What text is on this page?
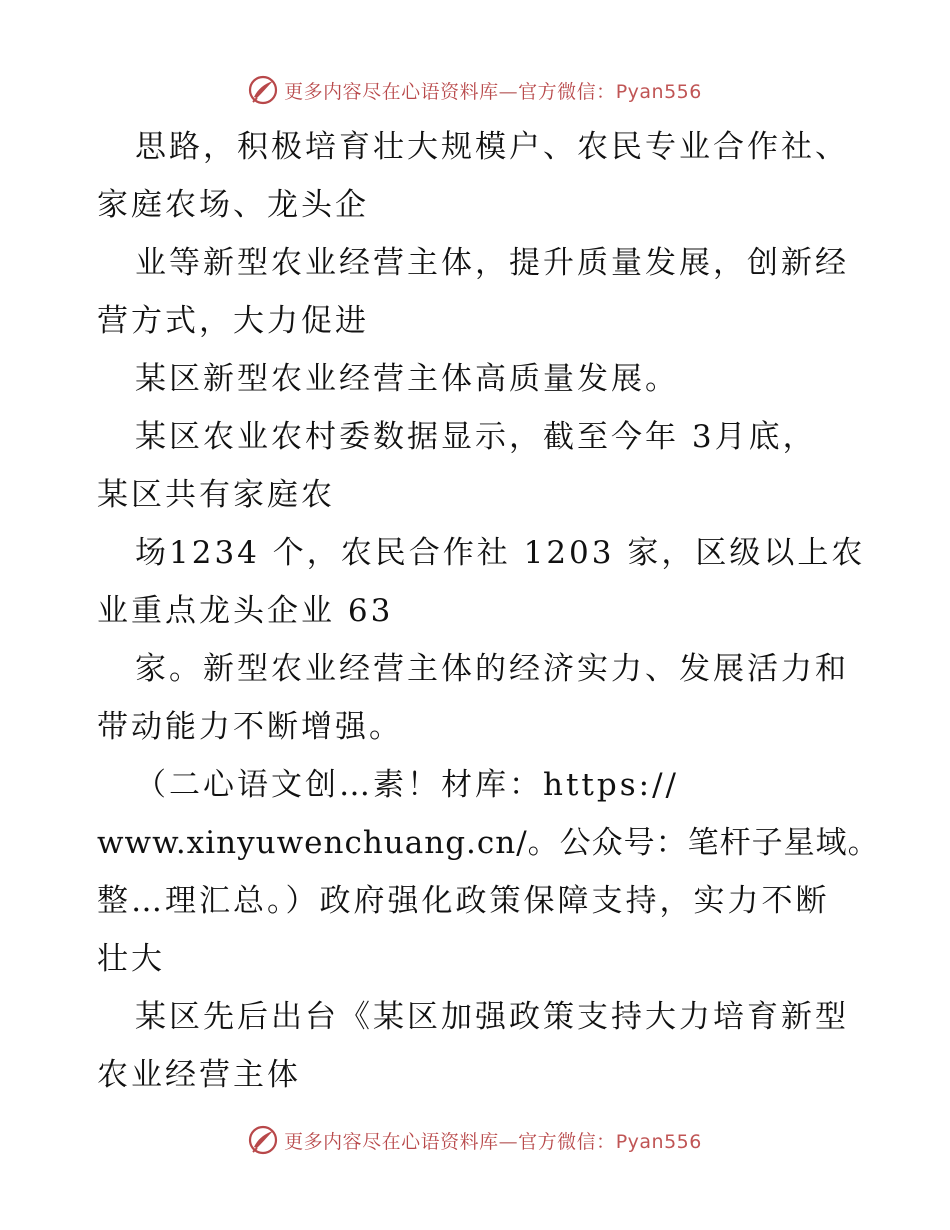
更多内容尽在心语资料库—官方微信：Pyan556
思路，积极培育壮大规模户、农民专业合作社、
家庭农场、龙头企
业等新型农业经营主体，提升质量发展，创新经
营方式，大力促进
某区新型农业经营主体高质量发展。
某区农业农村委数据显示，截至今年 3月底，
某区共有家庭农
场1234 个，农民合作社 1203 家，区级以上农
业重点龙头企业 63
家。新型农业经营主体的经济实力、发展活力和
带动能力不断增强。
（二心语文创…素！材库：https://
www.xinyuwenchuang.cn/。公众号：笔杆子星域。
整…理汇总。）政府强化政策保障支持，实力不断
壮大
某区先后出台《某区加强政策支持大力培育新型
农业经营主体
更多内容尽在心语资料库—官方微信：Pyan556
